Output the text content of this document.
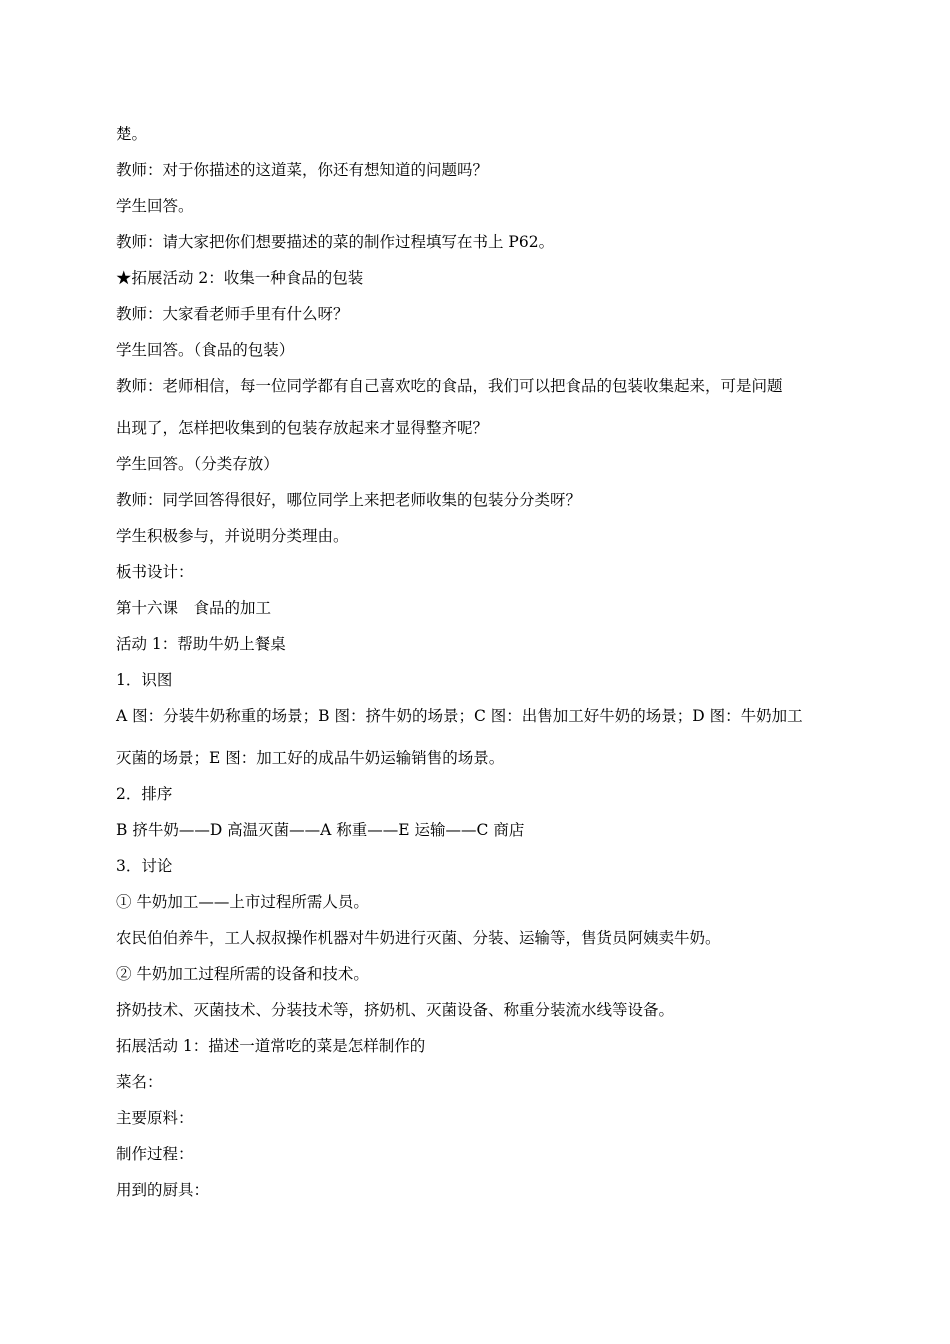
楚。
教师：对于你描述的这道菜，你还有想知道的问题吗？
学生回答。
教师：请大家把你们想要描述的菜的制作过程填写在书上 P62。
★拓展活动 2：收集一种食品的包装
教师：大家看老师手里有什么呀？
学生回答。（食品的包装）
教师：老师相信，每一位同学都有自己喜欢吃的食品，我们可以把食品的包装收集起来，可是问题
出现了，怎样把收集到的包装存放起来才显得整齐呢？
学生回答。（分类存放）
教师：同学回答得很好，哪位同学上来把老师收集的包装分分类呀？
学生积极参与，并说明分类理由。
板书设计：
第十六课　食品的加工
活动 1：帮助牛奶上餐桌
1．识图
A 图：分装牛奶称重的场景；B 图：挤牛奶的场景；C 图：出售加工好牛奶的场景；D 图：牛奶加工
灭菌的场景；E 图：加工好的成品牛奶运输销售的场景。
2．排序
B 挤牛奶——D 高温灭菌——A 称重——E 运输——C 商店
3．讨论
① 牛奶加工——上市过程所需人员。
农民伯伯养牛，工人叔叔操作机器对牛奶进行灭菌、分装、运输等，售货员阿姨卖牛奶。
② 牛奶加工过程所需的设备和技术。
挤奶技术、灭菌技术、分装技术等，挤奶机、灭菌设备、称重分装流水线等设备。
拓展活动 1：描述一道常吃的菜是怎样制作的
菜名：
主要原料：
制作过程：
用到的厨具：
